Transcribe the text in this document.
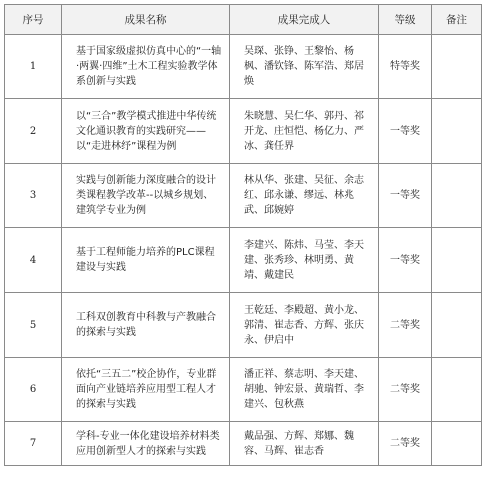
序号	成果名称	成果完成人	等级	备注
1	基于国家级虚拟仿真中心的“一轴·两翼·四维”土木工程实验教学体系创新与实践	吴琛、张铮、王黎怡、杨枫、潘钦锋、陈军浩、郑居焕	特等奖	
2	以“三合”教学模式推进中华传统文化通识教育的实践研究——以“走进林纾”课程为例	朱晓慧、吴仁华、郭丹、祁开龙、庄恒恺、杨亿力、严冰、龚任界	一等奖	
3	实践与创新能力深度融合的设计类课程教学改革--以城乡规划、建筑学专业为例	林从华、张建、吴征、余志红、邱永谦、缪远、林兆武、邱婉婷	一等奖	
4	基于工程师能力培养的PLC课程建设与实践	李建兴、陈炜、马莹、李天建、张秀珍、林明勇、黄靖、戴建民	一等奖	
5	工科双创教育中科教与产教融合的探索与实践	王乾廷、李殿超、黄小龙、郭清、崔志香、方辉、张庆永、伊启中	二等奖	
6	依托“三五二”校企协作，专业群面向产业链培养应用型工程人才的探索与实践	潘正祥、蔡志明、李天建、胡驰、钟宏景、黄瑞哲、李建兴、包秋燕	二等奖	
7	学科-专业一体化建设培养材料类应用创新型人才的探索与实践	戴品强、方辉、郑娜、魏容、马辉、崔志香	二等奖	
